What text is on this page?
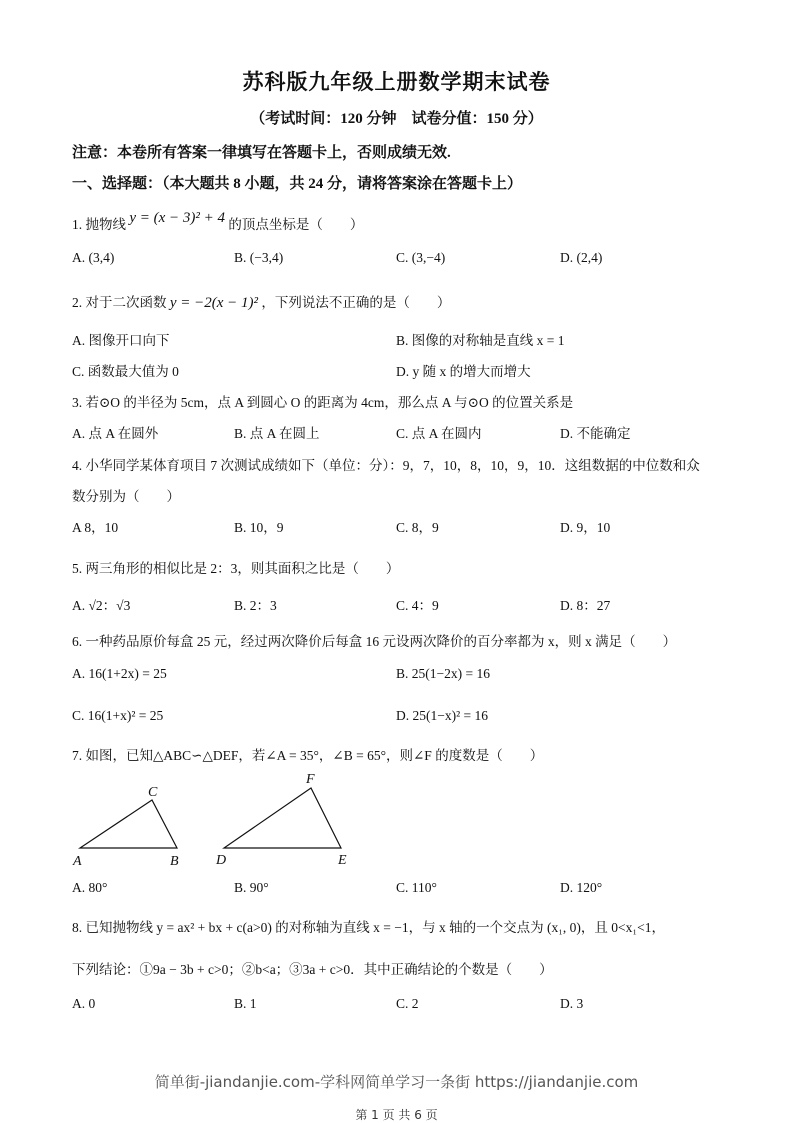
苏科版九年级上册数学期末试卷
（考试时间：120 分钟　试卷分值：150 分）
注意：本卷所有答案一律填写在答题卡上，否则成绩无效.
一、选择题：（本大题共 8 小题，共 24 分，请将答案涂在答题卡上）
1. 抛物线 y = (x − 3)² + 4 的顶点坐标是（　　）
A. (3,4)	B. (−3,4)	C. (3,−4)	D. (2,4)
2. 对于二次函数 y = −2(x − 1)² ，下列说法不正确的是（　　）
A. 图像开口向下	B. 图像的对称轴是直线 x = 1
C. 函数最大值为 0	D. y 随 x 的增大而增大
3. 若⊙O 的半径为 5cm，点 A 到圆心 O 的距离为 4cm，那么点 A 与⊙O 的位置关系是
A. 点 A 在圆外	B. 点 A 在圆上	C. 点 A 在圆内	D. 不能确定
4. 小华同学某体育项目 7 次测试成绩如下（单位：分）：9，7，10，8，10，9，10．这组数据的中位数和众
数分别为（　　）
A 8，10	B. 10，9	C. 8，9	D. 9，10
5. 两三角形的相似比是 2：3，则其面积之比是（　　）
A. √2：√3	B. 2：3	C. 4：9	D. 8：27
6. 一种药品原价每盒 25 元，经过两次降价后每盒 16 元设两次降价的百分率都为 x，则 x 满足（　　）
A. 16(1+2x) = 25	B. 25(1−2x) = 16
C. 16(1+x)² = 25	D. 25(1−x)² = 16
7. 如图，已知△ABC∽△DEF，若∠A = 35°，∠B = 65°，则∠F 的度数是（　　）
A	B
C
D	E
F
A. 80°	B. 90°	C. 110°	D. 120°
8. 已知抛物线 y = ax² + bx + c(a>0) 的对称轴为直线 x = −1，与 x 轴的一个交点为 (x₁, 0)，且 0<x₁<1，
下列结论：①9a − 3b + c>0；②b<a；③3a + c>0．其中正确结论的个数是（　　）
A. 0	B. 1	C. 2	D. 3
简单街-jiandanjie.com-学科网简单学习一条街 https://jiandanjie.com
第 1 页 共 6 页
